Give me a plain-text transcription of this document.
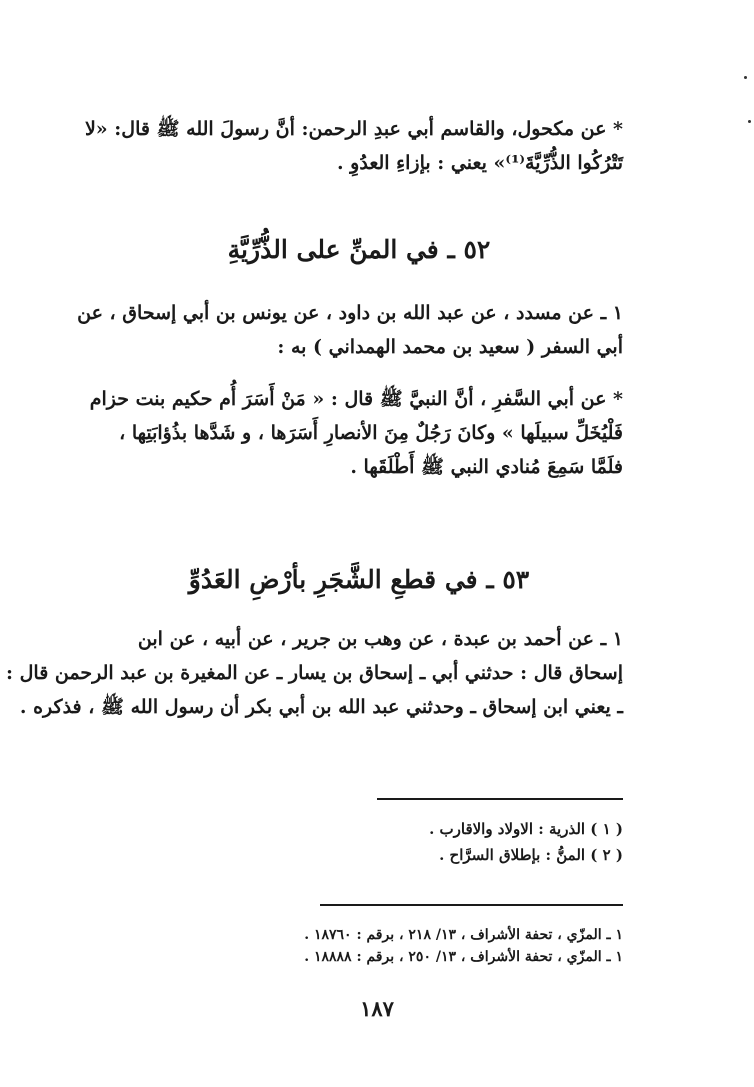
* عن مكحول، والقاسم أبي عبدِ الرحمن: أنَّ رسولَ الله ﷺ قال: «لا
تَتْرُكُوا الذُّرِّيَّةَ⁽¹⁾» يعني : بإزاءِ العدُوِ .
٥٢ ـ في المنِّ على الذُّرِّيَّةِ
١ ـ عن مسدد ، عن عبد الله بن داود ، عن يونس بن أبي إسحاق ، عن
أبي السفر ( سعيد بن محمد الهمداني ) به :
* عن أبي السَّفرِ ، أنَّ النبيَّ ﷺ قال : « مَنْ أَسَرَ أُم حكيم بنت حزام
فَلْيُخَلِّ سبيلَها » وكانَ رَجُلٌ مِنَ الأنصارِ أَسَرَها ، و شَدَّها بذُؤابَتِها ،
فلَمَّا سَمِعَ مُنادي النبي ﷺ أَطْلَقَها .
٥٣ ـ في قطعِ الشَّجَرِ بأرْضِ العَدُوِّ
١ ـ عن أحمد بن عبدة ، عن وهب بن جرير ، عن أبيه ، عن ابن
إسحاق قال : حدثني أبي ـ إسحاق بن يسار ـ عن المغيرة بن عبد الرحمن قال :
ـ يعني ابن إسحاق ـ وحدثني عبد الله بن أبي بكر أن رسول الله ﷺ ، فذكره .
( ١ ) الذرية : الاولاد والاقارب .
( ٢ ) المنُّ : بإطلاق السرَّاح .
١ ـ المزّي ، تحفة الأشراف ، ١٣/ ٢١٨ ، برقم : ١٨٧٦٠ .
١ ـ المزّي ، تحفة الأشراف ، ١٣/ ٢٥٠ ، برقم : ١٨٨٨٨ .
١٨٧
